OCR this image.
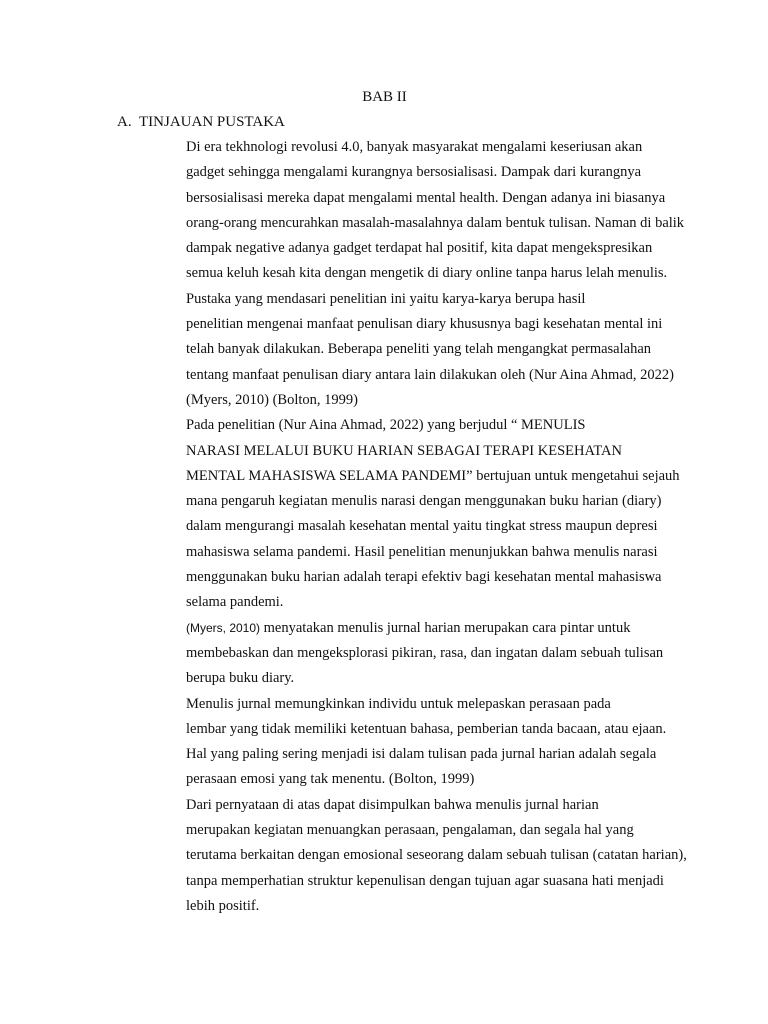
BAB II
A. TINJAUAN PUSTAKA

Di era tekhnologi revolusi 4.0, banyak masyarakat mengalami keseriusan akan
gadget sehingga mengalami kurangnya bersosialisasi. Dampak dari kurangnya
bersosialisasi mereka dapat mengalami mental health. Dengan adanya ini biasanya
orang-orang mencurahkan masalah-masalahnya dalam bentuk tulisan. Naman di balik
dampak negative adanya gadget terdapat hal positif, kita dapat mengekspresikan
semua keluh kesah kita dengan mengetik di diary online tanpa harus lelah menulis.

Pustaka yang mendasari penelitian ini yaitu karya-karya berupa hasil
penelitian mengenai manfaat penulisan diary khususnya bagi kesehatan mental ini
telah banyak dilakukan. Beberapa peneliti yang telah mengangkat permasalahan
tentang manfaat penulisan diary antara lain dilakukan oleh (Nur Aina Ahmad, 2022)
(Myers, 2010) (Bolton, 1999)

Pada penelitian (Nur Aina Ahmad, 2022) yang berjudul “ MENULIS
NARASI MELALUI BUKU HARIAN SEBAGAI TERAPI KESEHATAN
MENTAL MAHASISWA SELAMA PANDEMI” bertujuan untuk mengetahui sejauh
mana pengaruh kegiatan menulis narasi dengan menggunakan buku harian (diary)
dalam mengurangi masalah kesehatan mental yaitu tingkat stress maupun depresi
mahasiswa selama pandemi. Hasil penelitian menunjukkan bahwa menulis narasi
menggunakan buku harian adalah terapi efektiv bagi kesehatan mental mahasiswa
selama pandemi.

(Myers, 2010) menyatakan menulis jurnal harian merupakan cara pintar untuk
membebaskan dan mengeksplorasi pikiran, rasa, dan ingatan dalam sebuah tulisan
berupa buku diary.

Menulis jurnal memungkinkan individu untuk melepaskan perasaan pada
lembar yang tidak memiliki ketentuan bahasa, pemberian tanda bacaan, atau ejaan.
Hal yang paling sering menjadi isi dalam tulisan pada jurnal harian adalah segala
perasaan emosi yang tak menentu. (Bolton, 1999)

Dari pernyataan di atas dapat disimpulkan bahwa menulis jurnal harian
merupakan kegiatan menuangkan perasaan, pengalaman, dan segala hal yang
terutama berkaitan dengan emosional seseorang dalam sebuah tulisan (catatan harian),
tanpa memperhatian struktur kepenulisan dengan tujuan agar suasana hati menjadi
lebih positif.
